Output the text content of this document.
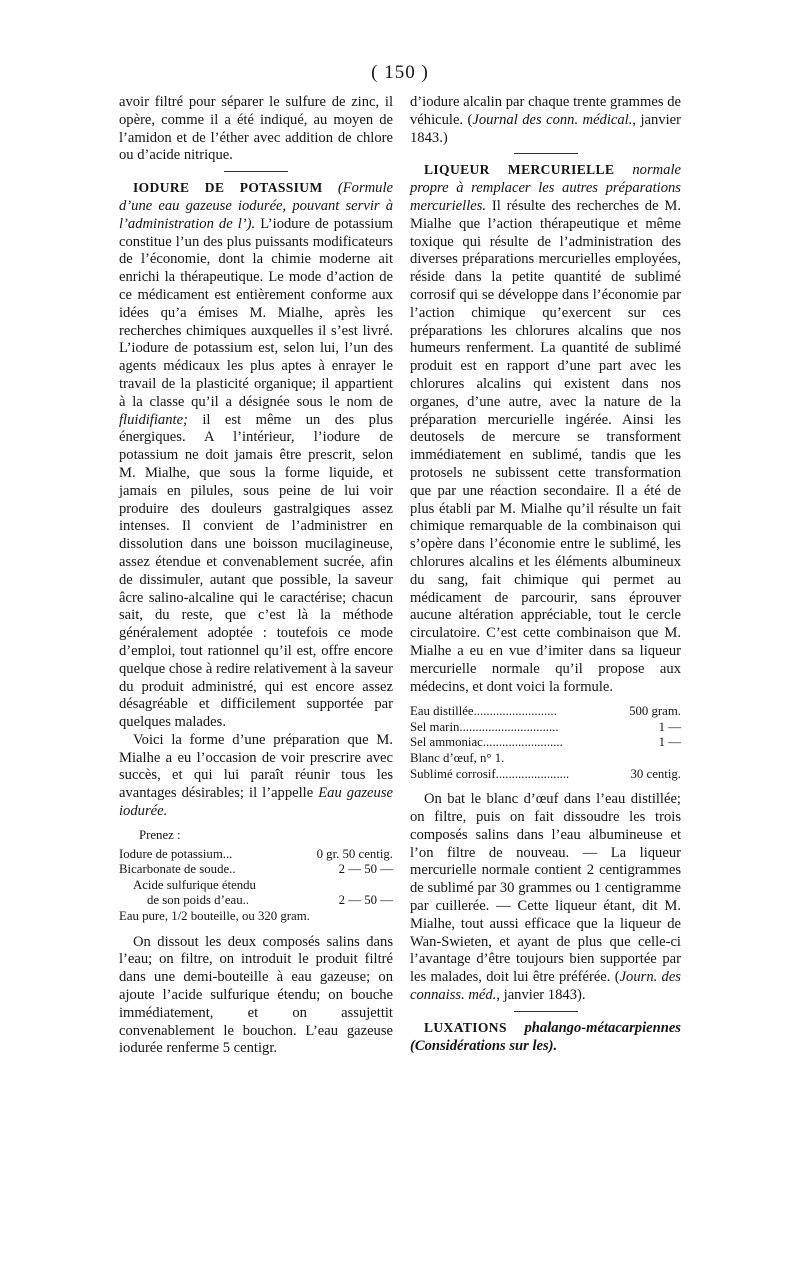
( 150 )

avoir filtré pour séparer le sulfure de zinc, il opère, comme il a été indiqué, au moyen de l’amidon et de l’éther avec addition de chlore ou d’acide nitrique.

IODURE DE POTASSIUM (Formule d’une eau gazeuse iodurée, pouvant servir à l’administration de l’). L’iodure de potassium constitue l’un des plus puissants modificateurs de l’économie, dont la chimie moderne ait enrichi la thérapeutique. Le mode d’action de ce médicament est entièrement conforme aux idées qu’a émises M. Mialhe, après les recherches chimiques auxquelles il s’est livré. L’iodure de potassium est, selon lui, l’un des agents médicaux les plus aptes à enrayer le travail de la plasticité organique; il appartient à la classe qu’il a désignée sous le nom de fluidifiante; il est même un des plus énergiques. A l’intérieur, l’iodure de potassium ne doit jamais être prescrit, selon M. Mialhe, que sous la forme liquide, et jamais en pilules, sous peine de lui voir produire des douleurs gastralgiques assez intenses. Il convient de l’administrer en dissolution dans une boisson mucilagineuse, assez étendue et convenablement sucrée, afin de dissimuler, autant que possible, la saveur âcre salino-alcaline qui le caractérise; chacun sait, du reste, que c’est là la méthode généralement adoptée : toutefois ce mode d’emploi, tout rationnel qu’il est, offre encore quelque chose à redire relativement à la saveur du produit administré, qui est encore assez désagréable et difficilement supportée par quelques malades.

Voici la forme d’une préparation que M. Mialhe a eu l’occasion de voir prescrire avec succès, et qui lui paraît réunir tous les avantages désirables; il l’appelle Eau gazeuse iodurée.

Prenez :
Iodure de potassium...	0 gr. 50 centig.
Bicarbonate de soude..	2 — 50 —
Acide sulfurique étendu
de son poids d’eau..	2 — 50 —
Eau pure, 1/2 bouteille, ou 320 gram.

On dissout les deux composés salins dans l’eau; on filtre, on introduit le produit filtré dans une demi-bouteille à eau gazeuse; on ajoute l’acide sulfurique étendu; on bouche immédiatement, et on assujettit convenablement le bouchon. L’eau gazeuse iodurée renferme 5 centigr.

d’iodure alcalin par chaque trente grammes de véhicule. (Journal des conn. médical., janvier 1843.)

LIQUEUR MERCURIELLE normale propre à remplacer les autres préparations mercurielles. Il résulte des recherches de M. Mialhe que l’action thérapeutique et même toxique qui résulte de l’administration des diverses préparations mercurielles employées, réside dans la petite quantité de sublimé corrosif qui se développe dans l’économie par l’action chimique qu’exercent sur ces préparations les chlorures alcalins que nos humeurs renferment. La quantité de sublimé produit est en rapport d’une part avec les chlorures alcalins qui existent dans nos organes, d’une autre, avec la nature de la préparation mercurielle ingérée. Ainsi les deutosels de mercure se transforment immédiatement en sublimé, tandis que les protosels ne subissent cette transformation que par une réaction secondaire. Il a été de plus établi par M. Mialhe qu’il résulte un fait chimique remarquable de la combinaison qui s’opère dans l’économie entre le sublimé, les chlorures alcalins et les éléments albumineux du sang, fait chimique qui permet au médicament de parcourir, sans éprouver aucune altération appréciable, tout le cercle circulatoire. C’est cette combinaison que M. Mialhe a eu en vue d’imiter dans sa liqueur mercurielle normale qu’il propose aux médecins, et dont voici la formule.

Eau distillée..........................	500 gram.
Sel marin...............................	1 —
Sel ammoniac.........................	1 —
Blanc d’œuf, n° 1.
Sublimé corrosif.......................	30 centig.

On bat le blanc d’œuf dans l’eau distillée; on filtre, puis on fait dissoudre les trois composés salins dans l’eau albumineuse et l’on filtre de nouveau. — La liqueur mercurielle normale contient 2 centigrammes de sublimé par 30 grammes ou 1 centigramme par cuillerée. — Cette liqueur étant, dit M. Mialhe, tout aussi efficace que la liqueur de Wan-Swieten, et ayant de plus que celle-ci l’avantage d’être toujours bien supportée par les malades, doit lui être préférée. (Journ. des connaiss. méd., janvier 1843).

LUXATIONS phalango-métacarpiennes (Considérations sur les).
